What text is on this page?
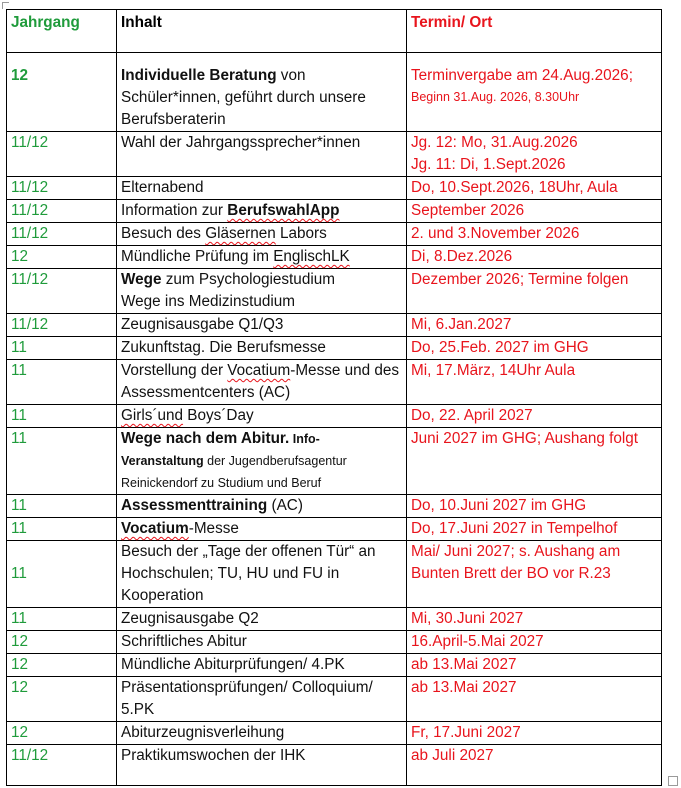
Jahrgang	Inhalt	Termin/ Ort
12	Individuelle Beratung von Schüler*innen, geführt durch unsere Berufsberaterin	Terminvergabe am 24.Aug.2026;
Beginn 31.Aug. 2026, 8.30Uhr

11/12	Wahl der Jahrgangssprecher*innen	Jg. 12: Mo, 31.Aug.2026
Jg. 11: Di, 1.Sept.2026

11/12	Elternabend	Do, 10.Sept.2026, 18Uhr, Aula
11/12	Information zur BerufswahlApp	September 2026
11/12	Besuch des Gläsernen Labors	2. und 3.November 2026
12	Mündliche Prüfung im EnglischLK	Di, 8.Dez.2026
11/12	Wege zum Psychologiestudium
Wege ins Medizinstudium	Dezember 2026; Termine folgen
11/12	Zeugnisausgabe Q1/Q3	Mi, 6.Jan.2027
11	Zukunftstag. Die Berufsmesse	Do, 25.Feb. 2027 im GHG
11	Vorstellung der Vocatium-Messe und des Assessmentcenters (AC)	Mi, 17.März, 14Uhr Aula
11	Girls´und Boys´Day	Do, 22. April 2027
11	Wege nach dem Abitur. Info-Veranstaltung der Jugendberufsagentur Reinickendorf zu Studium und Beruf	Juni 2027 im GHG; Aushang folgt
11	Assessmenttraining (AC)	Do, 10.Juni 2027 im GHG
11	Vocatium-Messe	Do, 17.Juni 2027 in Tempelhof
11	Besuch der „Tage der offenen Tür“ an Hochschulen; TU, HU und FU in Kooperation	Mai/ Juni 2027; s. Aushang am Bunten Brett der BO vor R.23
11	Zeugnisausgabe Q2	Mi, 30.Juni 2027
12	Schriftliches Abitur	16.April-5.Mai 2027
12	Mündliche Abiturprüfungen/ 4.PK	ab 13.Mai 2027
12	Präsentationsprüfungen/ Colloquium/ 5.PK	ab 13.Mai 2027
12	Abiturzeugnisverleihung	Fr, 17.Juni 2027
11/12	Praktikumswochen der IHK	ab Juli 2027
